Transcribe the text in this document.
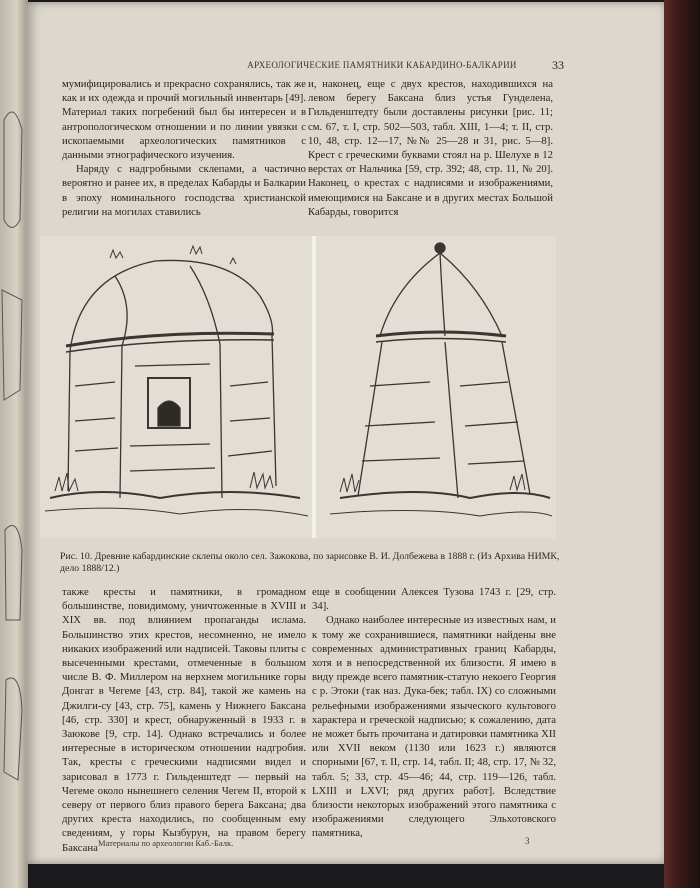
АРХЕОЛОГИЧЕСКИЕ ПАМЯТНИКИ КАБАРДИНО-БАЛКАРИИ	33

мумифицировались и прекрасно сохранялись, так же как и их одежда и прочий могильный инвентарь [49]. Материал таких погребений был бы интересен и в антропологическом отношении и по линии увязки с ископаемыми археологических памятников с данными этнографического изучения.

Наряду с надгробными склепами, а частично вероятно и ранее их, в пределах Кабарды и Балкарии в эпоху номинального господства христианской религии на могилах ставились

и, наконец, еще с двух крестов, находившихся на левом берегу Баксана близ устья Гунделена, Гильденштедту были доставлены рисунки [рис. 11; см. 67, т. I, стр. 502—503, табл. XIII, 1—4; т. II, стр. 10, 48, стр. 12—17, №№ 25—28 и 31, рис. 5—8]. Крест с греческими буквами стоял на р. Шелухе в 12 верстах от Нальчика [59, стр. 392; 48, стр. 11, № 20]. Наконец, о крестах с надписями и изображениями, имеющимися на Баксане и в других местах Большой Кабарды, говорится

Рис. 10. Древние кабардинские склепы около сел. Зажокова, по зарисовке В. И. Долбежева в 1888 г. (Из Архива НИМК, дело 1888/12.)

также кресты и памятники, в громадном большинстве, повидимому, уничтоженные в XVIII и XIX вв. под влиянием пропаганды ислама. Большинство этих крестов, несомненно, не имело никаких изображений или надписей. Таковы плиты с высеченными крестами, отмеченные в большом числе В. Ф. Миллером на верхнем могильнике горы Донгат в Чегеме [43, стр. 84], такой же камень на Джилги-су [43, стр. 75], камень у Нижнего Баксана [46, стр. 330] и крест, обнаруженный в 1933 г. в Заюкове [9, стр. 14]. Однако встречались и более интересные в историческом отношении надгробия. Так, кресты с греческими надписями видел и зарисовал в 1773 г. Гильденштедт — первый на Чегеме около нынешнего селения Чегем II, второй к северу от первого близ правого берега Баксана; два других креста находились, по сообщенным ему сведениям, у горы Кызбурун, на правом берегу Баксана

еще в сообщении Алексея Тузова 1743 г. [29, стр. 34].

Однако наиболее интересные из известных нам, и к тому же сохранившиеся, памятники найдены вне современных административных границ Кабарды, хотя и в непосредственной их близости. Я имею в виду прежде всего памятник-статую некоего Георгия с р. Этоки (так наз. Дука-бек; табл. IX) со сложными рельефными изображениями языческого культового характера и греческой надписью; к сожалению, дата не может быть прочитана и датировки памятника XII или XVII веком (1130 или 1623 г.) являются спорными [67, т. II, стр. 14, табл. II; 48, стр. 17, № 32, табл. 5; 33, стр. 45—46; 44, стр. 119—126, табл. LXIII и LXVI; ряд других работ]. Вследствие близости некоторых изображений этого памятника с изображениями следующего Эльхотовского памятника,

Материалы по археологии Каб.-Балк.	3
